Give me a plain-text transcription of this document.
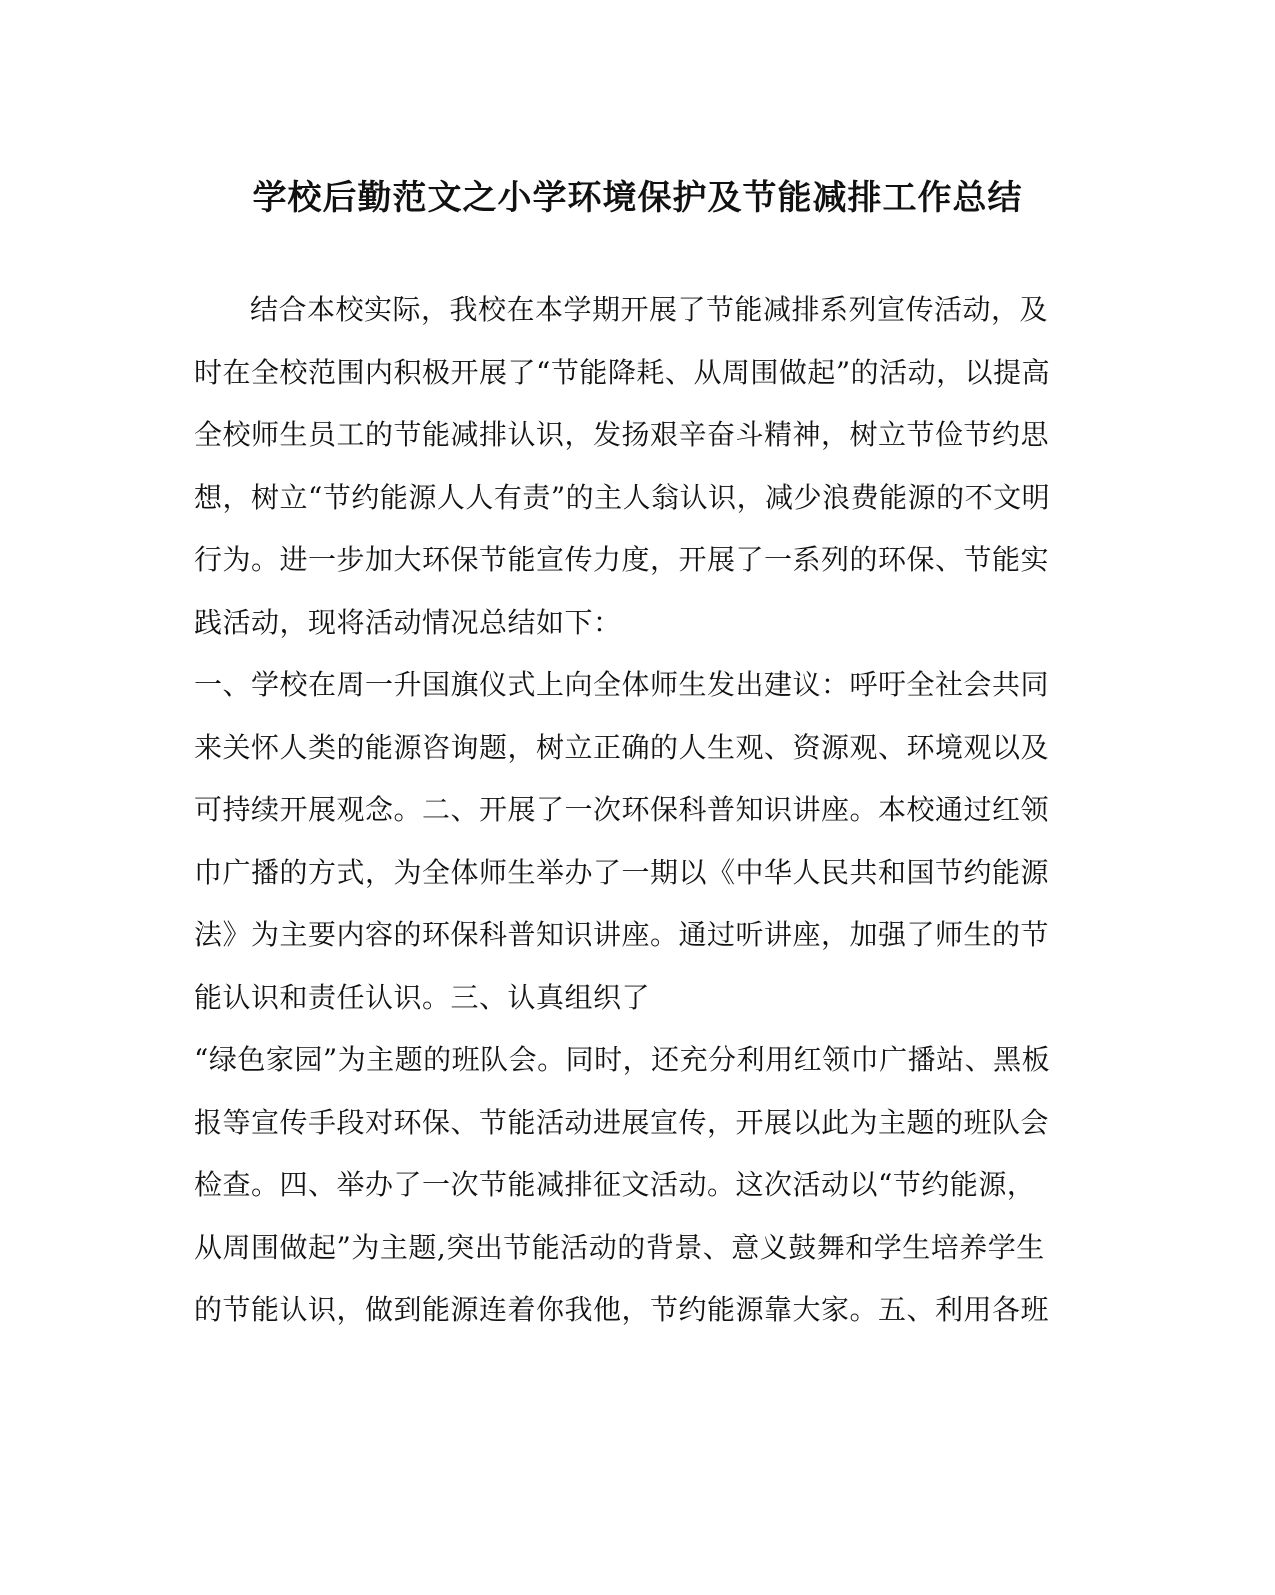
学校后勤范文之小学环境保护及节能减排工作总结
结合本校实际，我校在本学期开展了节能减排系列宣传活动，及
时在全校范围内积极开展了“节能降耗、从周围做起”的活动，以提高
全校师生员工的节能减排认识，发扬艰辛奋斗精神，树立节俭节约思
想，树立“节约能源人人有责”的主人翁认识，减少浪费能源的不文明
行为。进一步加大环保节能宣传力度，开展了一系列的环保、节能实
践活动，现将活动情况总结如下：
一、学校在周一升国旗仪式上向全体师生发出建议：呼吁全社会共同
来关怀人类的能源咨询题，树立正确的人生观、资源观、环境观以及
可持续开展观念。二、开展了一次环保科普知识讲座。本校通过红领
巾广播的方式，为全体师生举办了一期以《中华人民共和国节约能源
法》为主要内容的环保科普知识讲座。通过听讲座，加强了师生的节
能认识和责任认识。三、认真组织了
“绿色家园”为主题的班队会。同时，还充分利用红领巾广播站、黑板
报等宣传手段对环保、节能活动进展宣传，开展以此为主题的班队会
检查。四、举办了一次节能减排征文活动。这次活动以“节约能源，
从周围做起”为主题,突出节能活动的背景、意义鼓舞和学生培养学生
的节能认识，做到能源连着你我他，节约能源靠大家。五、利用各班
